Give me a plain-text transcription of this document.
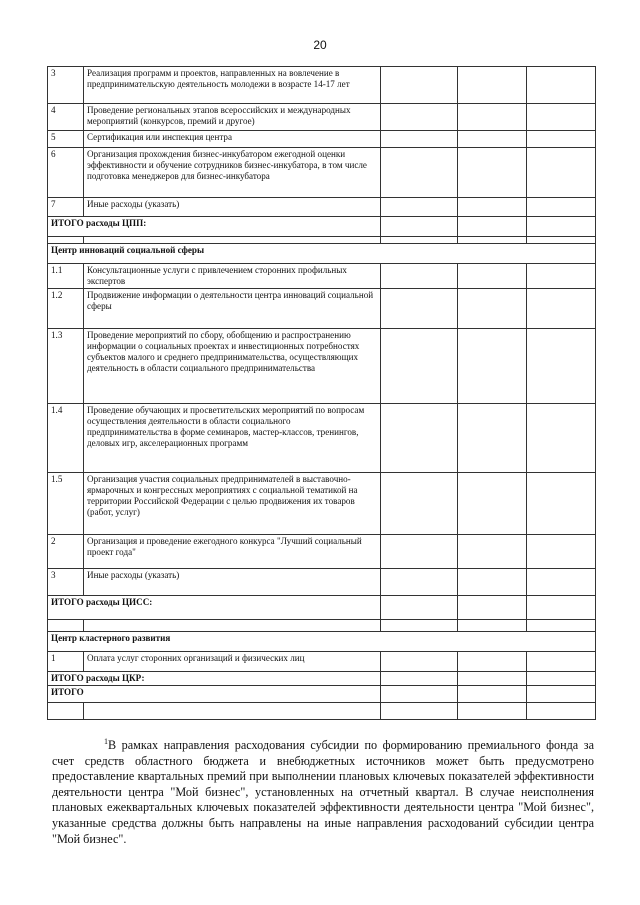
20
3	Реализация программ и проектов, направленных на вовлечение в предпринимательскую деятельность молодежи в возрасте 14-17 лет			
4	Проведение региональных этапов всероссийских и международных мероприятий (конкурсов, премий и другое)			
5	Сертификация или инспекция центра			
6	Организация прохождения бизнес-инкубатором ежегодной оценки эффективности и обучение сотрудников бизнес-инкубатора, в том числе подготовка менеджеров для бизнес-инкубатора			
7	Иные расходы (указать)			
ИТОГО расходы ЦПП:				

Центр инноваций социальной сферы				
1.1	Консультационные услуги с привлечением сторонних профильных экспертов			
1.2	Продвижение информации о деятельности центра инноваций социальной сферы			
1.3	Проведение мероприятий по сбору, обобщению и распространению информации о социальных проектах и инвестиционных потребностях субъектов малого и среднего предпринимательства, осуществляющих деятельность в области социального предпринимательства			
1.4	Проведение обучающих и просветительских мероприятий по вопросам осуществления деятельности в области социального предпринимательства в форме семинаров, мастер-классов, тренингов, деловых игр, акселерационных программ			
1.5	Организация участия социальных предпринимателей в выставочно-ярмарочных и конгрессных мероприятиях с социальной тематикой на территории Российской Федерации с целью продвижения их товаров (работ, услуг)			
2	Организация и проведение ежегодного конкурса "Лучший социальный проект года"			
3	Иные расходы (указать)			
ИТОГО расходы ЦИСС:				

Центр кластерного развития				
1	Оплата услуг сторонних организаций и физических лиц			
ИТОГО расходы ЦКР:				
ИТОГО				

$^1$В рамках направления расходования субсидии по формированию премиального фонда за счет средств областного бюджета и внебюджетных источников может быть предусмотрено предоставление квартальных премий при выполнении плановых ключевых показателей эффективности деятельности центра "Мой бизнес", установленных на отчетный квартал. В случае неисполнения плановых ежеквартальных ключевых показателей эффективности деятельности центра "Мой бизнес", указанные средства должны быть направлены на иные направления расходований субсидии центра "Мой бизнес".
